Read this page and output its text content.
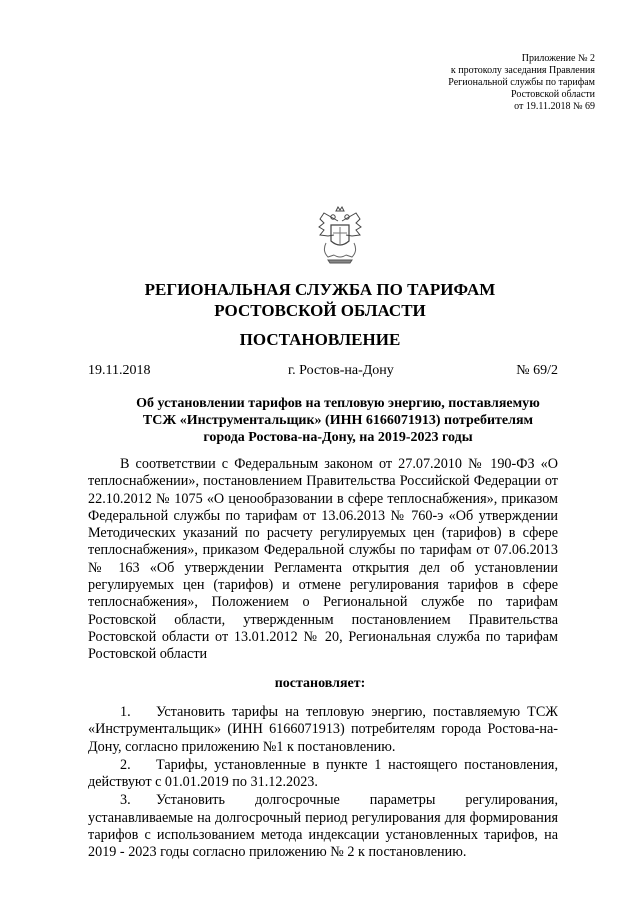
Приложение № 2
к протоколу заседания Правления
Региональной службы по тарифам
Ростовской области
от 19.11.2018 № 69
РЕГИОНАЛЬНАЯ СЛУЖБА ПО ТАРИФАМ
РОСТОВСКОЙ ОБЛАСТИ
ПОСТАНОВЛЕНИЕ
19.11.2018	г. Ростов-на-Дону	№ 69/2
Об установлении тарифов на тепловую энергию, поставляемую
ТСЖ «Инструментальщик» (ИНН 6166071913) потребителям
города Ростова-на-Дону, на 2019-2023 годы
В соответствии с Федеральным законом от 27.07.2010 № 190-ФЗ «О теплоснабжении», постановлением Правительства Российской Федерации от 22.10.2012 № 1075 «О ценообразовании в сфере теплоснабжения», приказом Федеральной службы по тарифам от 13.06.2013 № 760-э «Об утверждении Методических указаний по расчету регулируемых цен (тарифов) в сфере теплоснабжения», приказом Федеральной службы по тарифам от 07.06.2013 № 163 «Об утверждении Регламента открытия дел об установлении регулируемых цен (тарифов) и отмене регулирования тарифов в сфере теплоснабжения», Положением о Региональной службе по тарифам Ростовской области, утвержденным постановлением Правительства Ростовской области от 13.01.2012 № 20, Региональная служба по тарифам Ростовской области
постановляет:

1. Установить тарифы на тепловую энергию, поставляемую ТСЖ «Инструментальщик» (ИНН 6166071913) потребителям города Ростова-на-Дону, согласно приложению №1 к постановлению.

2. Тарифы, установленные в пункте 1 настоящего постановления, действуют с 01.01.2019 по 31.12.2023.

3. Установить долгосрочные параметры регулирования, устанавливаемые на долгосрочный период регулирования для формирования тарифов с использованием метода индексации установленных тарифов, на 2019 - 2023 годы согласно приложению № 2 к постановлению.
